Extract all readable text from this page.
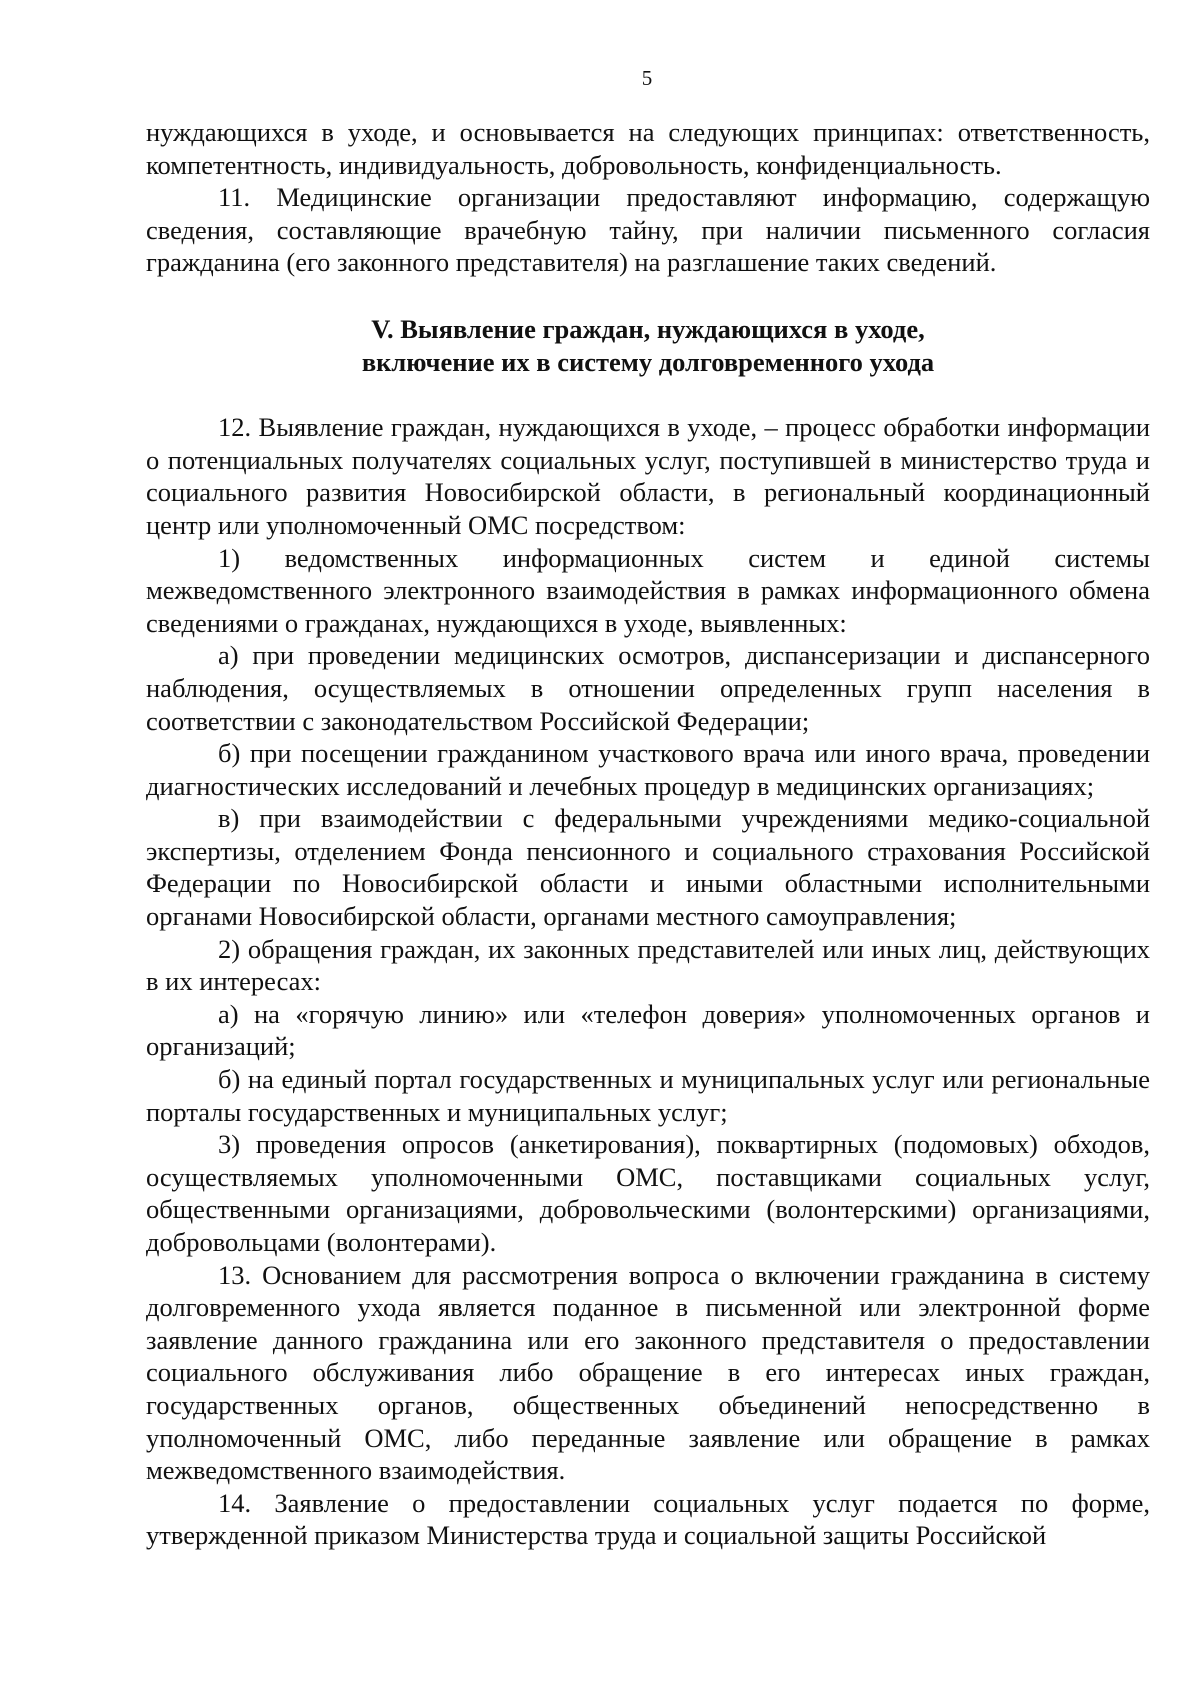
5

нуждающихся в уходе, и основывается на следующих принципах: ответственность, компетентность, индивидуальность, добровольность, конфиденциальность.

11. Медицинские организации предоставляют информацию, содержащую сведения, составляющие врачебную тайну, при наличии письменного согласия гражданина (его законного представителя) на разглашение таких сведений.

V. Выявление граждан, нуждающихся в уходе,
включение их в систему долговременного ухода

12. Выявление граждан, нуждающихся в уходе, – процесс обработки информации о потенциальных получателях социальных услуг, поступившей в министерство труда и социального развития Новосибирской области, в региональный координационный центр или уполномоченный ОМС посредством:

1) ведомственных информационных систем и единой системы межведомственного электронного взаимодействия в рамках информационного обмена сведениями о гражданах, нуждающихся в уходе, выявленных:

а) при проведении медицинских осмотров, диспансеризации и диспансерного наблюдения, осуществляемых в отношении определенных групп населения в соответствии с законодательством Российской Федерации;

б) при посещении гражданином участкового врача или иного врача, проведении диагностических исследований и лечебных процедур в медицинских организациях;

в) при взаимодействии с федеральными учреждениями медико-социальной экспертизы, отделением Фонда пенсионного и социального страхования Российской Федерации по Новосибирской области и иными областными исполнительными органами Новосибирской области, органами местного самоуправления;

2) обращения граждан, их законных представителей или иных лиц, действующих в их интересах:

а) на «горячую линию» или «телефон доверия» уполномоченных органов и организаций;

б) на единый портал государственных и муниципальных услуг или региональные порталы государственных и муниципальных услуг;

3) проведения опросов (анкетирования), поквартирных (подомовых) обходов, осуществляемых уполномоченными ОМС, поставщиками социальных услуг, общественными организациями, добровольческими (волонтерскими) организациями, добровольцами (волонтерами).

13. Основанием для рассмотрения вопроса о включении гражданина в систему долговременного ухода является поданное в письменной или электронной форме заявление данного гражданина или его законного представителя о предоставлении социального обслуживания либо обращение в его интересах иных граждан, государственных органов, общественных объединений непосредственно в уполномоченный ОМС, либо переданные заявление или обращение в рамках межведомственного взаимодействия.

14. Заявление о предоставлении социальных услуг подается по форме, утвержденной приказом Министерства труда и социальной защиты Российской
